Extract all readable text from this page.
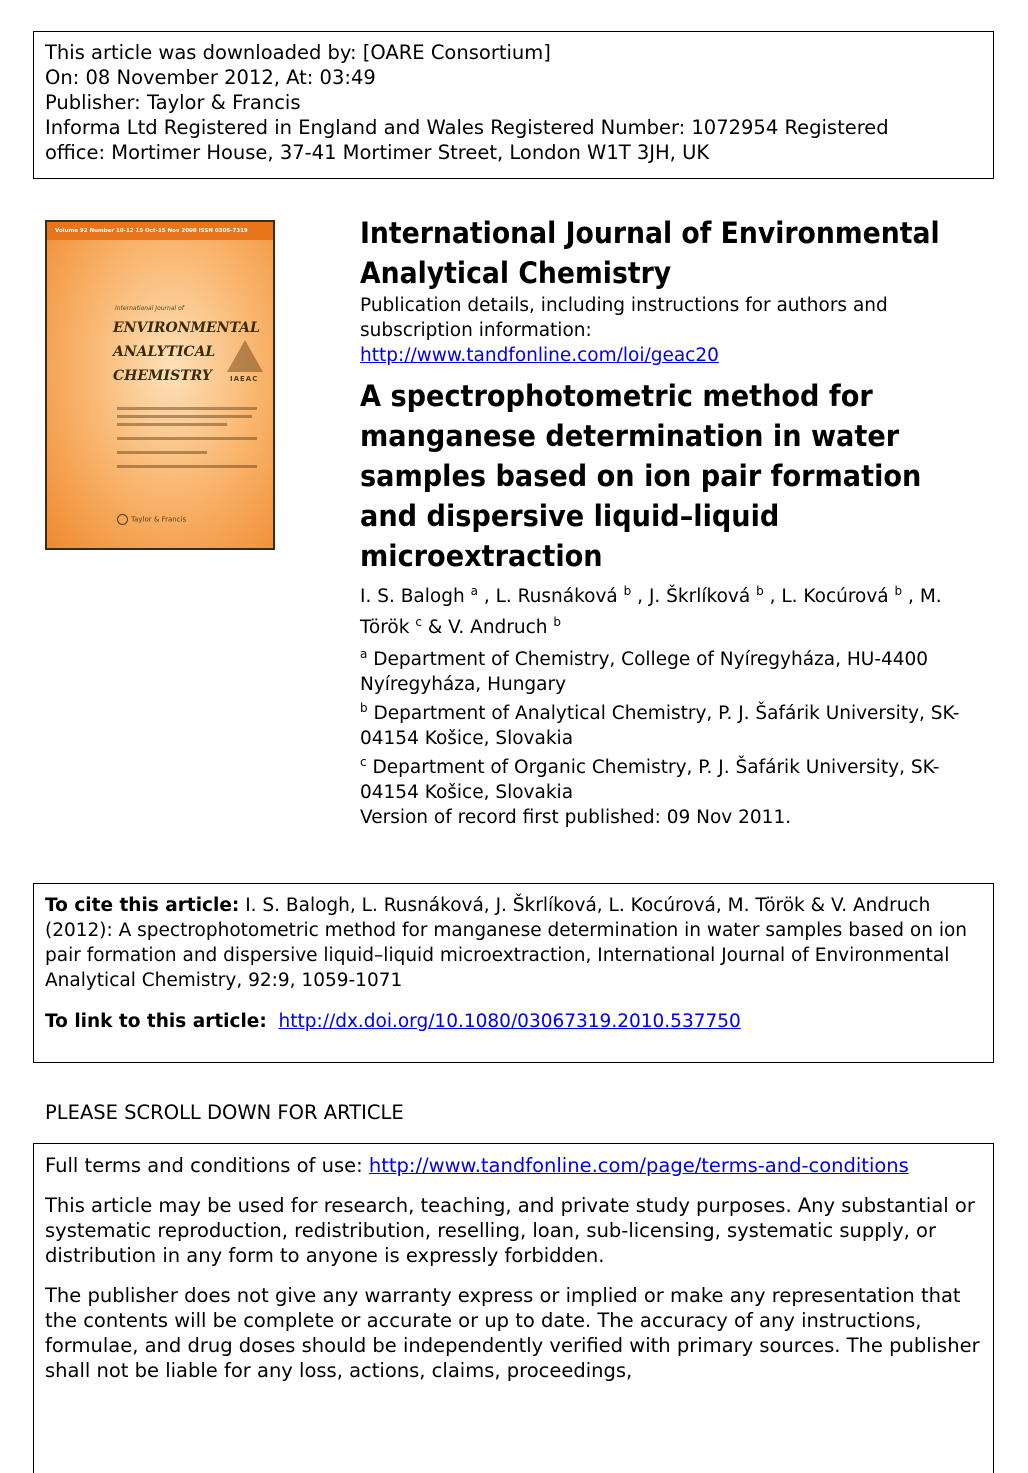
This article was downloaded by: [OARE Consortium]
On: 08 November 2012, At: 03:49
Publisher: Taylor & Francis
Informa Ltd Registered in England and Wales Registered Number: 1072954 Registered
office: Mortimer House, 37-41 Mortimer Street, London W1T 3JH, UK
Volume 92 Number 10-12 15 Oct-15 Nov 2008 ISSN 0306-7319
International Journal of
ENVIRONMENTAL
ANALYTICAL
CHEMISTRY	IAEAC
Taylor & Francis
International Journal of Environmental Analytical Chemistry
Publication details, including instructions for authors and subscription information:
http://www.tandfonline.com/loi/geac20
A spectrophotometric method for manganese determination in water samples based on ion pair formation and dispersive liquid–liquid microextraction
I. S. Balogh $^a$ , L. Rusnáková $^b$ , J. Škrlíková $^b$ , L. Kocúrová $^b$ , M. Török $^c$ & V. Andruch $^b$
$^a$ Department of Chemistry, College of Nyíregyháza, HU-4400 Nyíregyháza, Hungary
$^b$ Department of Analytical Chemistry, P. J. Šafárik University, SK-04154 Košice, Slovakia
$^c$ Department of Organic Chemistry, P. J. Šafárik University, SK-04154 Košice, Slovakia
Version of record first published: 09 Nov 2011.
To cite this article: I. S. Balogh, L. Rusnáková, J. Škrlíková, L. Kocúrová, M. Török & V. Andruch (2012): A spectrophotometric method for manganese determination in water samples based on ion pair formation and dispersive liquid–liquid microextraction, International Journal of Environmental Analytical Chemistry, 92:9, 1059-1071
To link to this article: http://dx.doi.org/10.1080/03067319.2010.537750
PLEASE SCROLL DOWN FOR ARTICLE

Full terms and conditions of use: http://www.tandfonline.com/page/terms-and-conditions

This article may be used for research, teaching, and private study purposes. Any substantial or systematic reproduction, redistribution, reselling, loan, sub-licensing, systematic supply, or distribution in any form to anyone is expressly forbidden.

The publisher does not give any warranty express or implied or make any representation that the contents will be complete or accurate or up to date. The accuracy of any instructions, formulae, and drug doses should be independently verified with primary sources. The publisher shall not be liable for any loss, actions, claims, proceedings,
